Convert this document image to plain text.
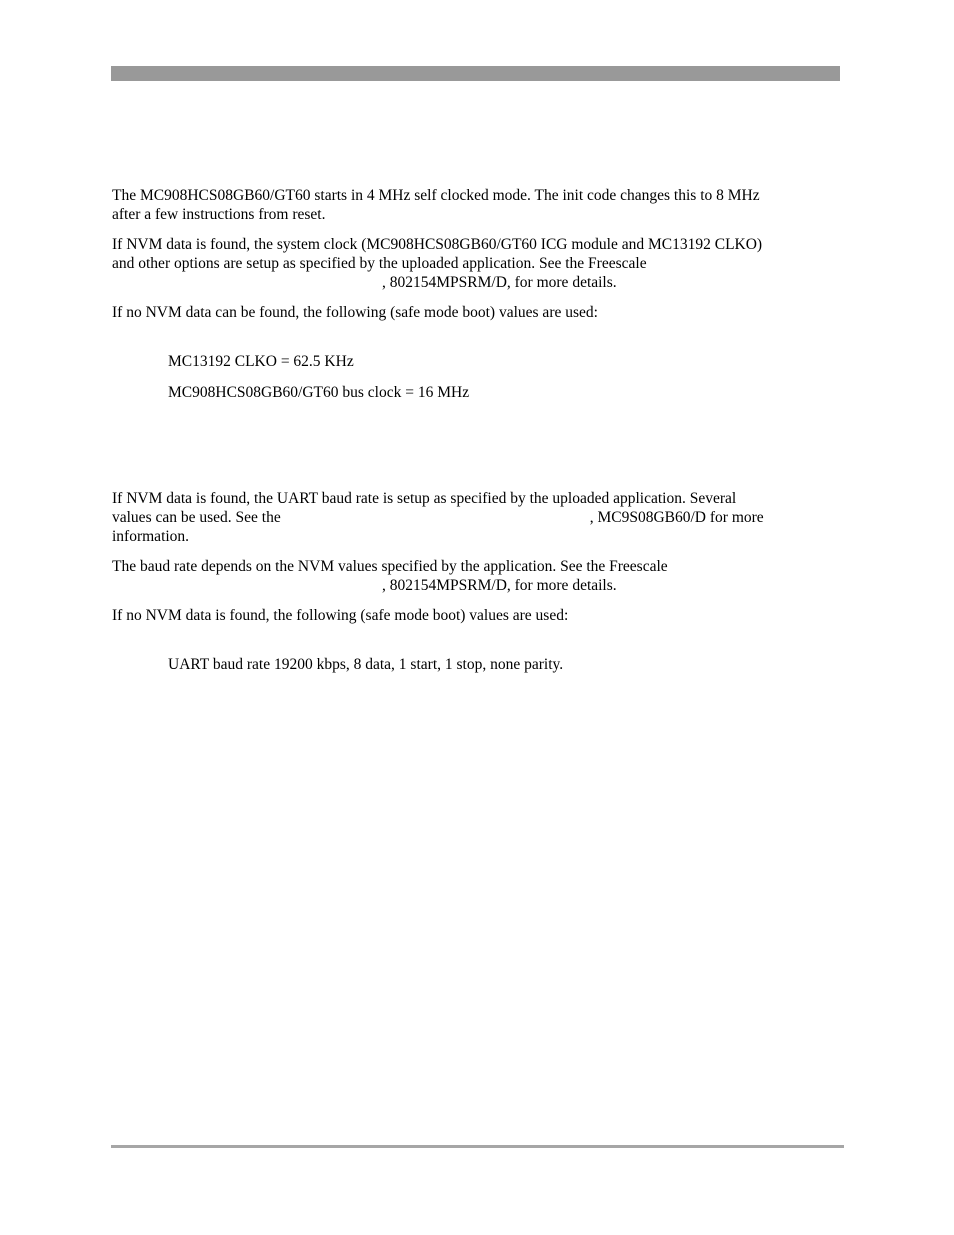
The MC908HCS08GB60/GT60 starts in 4 MHz self clocked mode. The init code changes this to 8 MHz
after a few instructions from reset.
If NVM data is found, the system clock (MC908HCS08GB60/GT60 ICG module and MC13192 CLKO)
and other options are setup as specified by the uploaded application. See the Freescale
, 802154MPSRM/D, for more details.
If no NVM data can be found, the following (safe mode boot) values are used:
MC13192 CLKO = 62.5 KHz
MC908HCS08GB60/GT60 bus clock = 16 MHz
If NVM data is found, the UART baud rate is setup as specified by the uploaded application. Several
values can be used. See the	, MC9S08GB60/D for more
information.
The baud rate depends on the NVM values specified by the application. See the Freescale
, 802154MPSRM/D, for more details.
If no NVM data is found, the following (safe mode boot) values are used:
UART baud rate 19200 kbps, 8 data, 1 start, 1 stop, none parity.
